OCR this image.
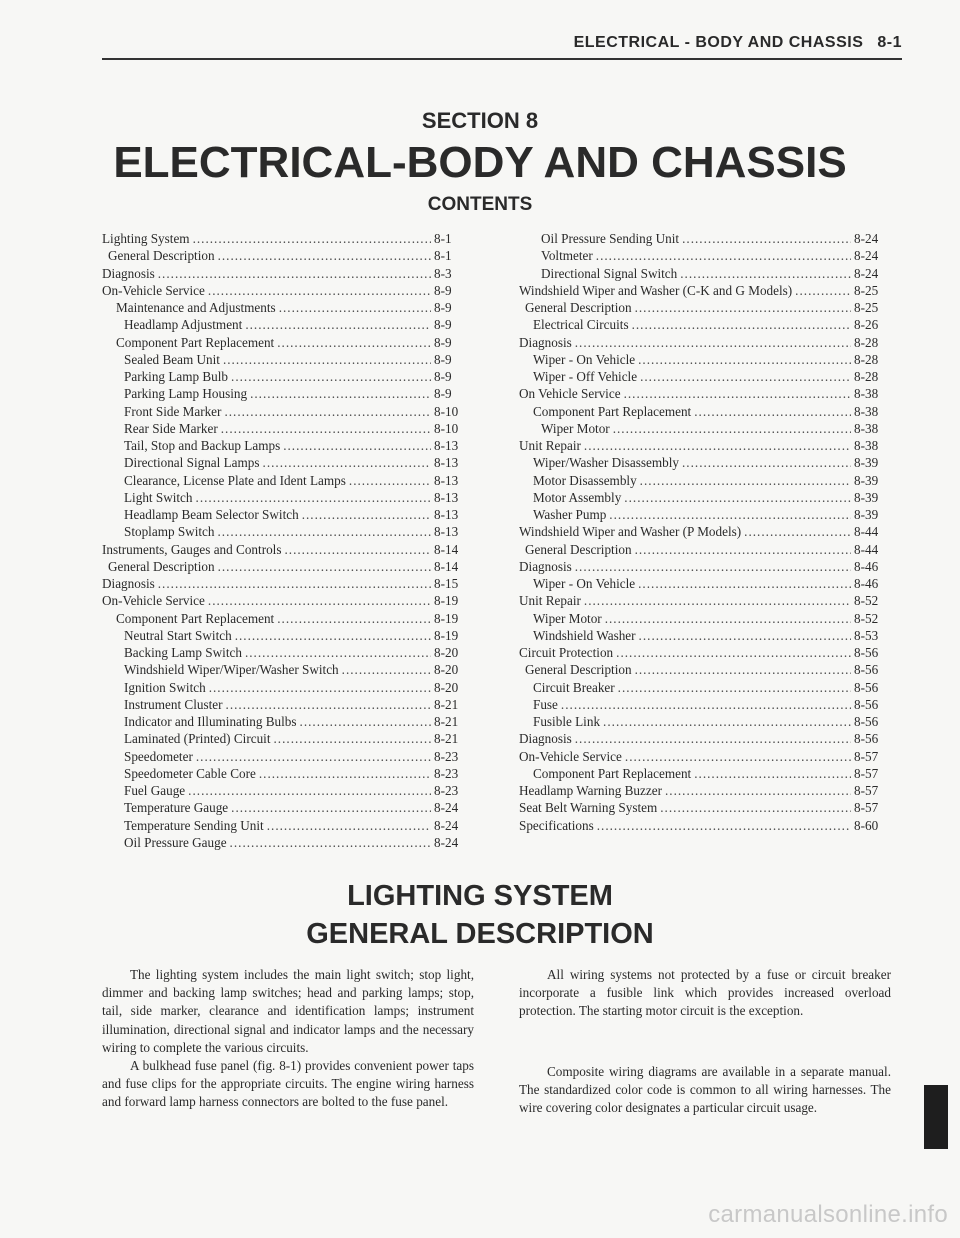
ELECTRICAL - BODY AND CHASSIS 8-1
SECTION 8
ELECTRICAL-BODY AND CHASSIS
CONTENTS
Lighting System .....	8-1
General Description .....	8-1
Diagnosis .....	8-3
On-Vehicle Service .....	8-9
Maintenance and Adjustments .....	8-9
Headlamp Adjustment .....	8-9
Component Part Replacement .....	8-9
Sealed Beam Unit .....	8-9
Parking Lamp Bulb .....	8-9
Parking Lamp Housing .....	8-9
Front Side Marker .....	8-10
Rear Side Marker .....	8-10
Tail, Stop and Backup Lamps .....	8-13
Directional Signal Lamps .....	8-13
Clearance, License Plate and Ident Lamps .....	8-13
Light Switch .....	8-13
Headlamp Beam Selector Switch .....	8-13
Stoplamp Switch .....	8-13
Instruments, Gauges and Controls .....	8-14
General Description .....	8-14
Diagnosis .....	8-15
On-Vehicle Service .....	8-19
Component Part Replacement .....	8-19
Neutral Start Switch .....	8-19
Backing Lamp Switch .....	8-20
Windshield Wiper/Wiper/Washer Switch .....	8-20
Ignition Switch .....	8-20
Instrument Cluster .....	8-21
Indicator and Illuminating Bulbs .....	8-21
Laminated (Printed) Circuit .....	8-21
Speedometer .....	8-23
Speedometer Cable Core .....	8-23
Fuel Gauge .....	8-23
Temperature Gauge .....	8-24
Temperature Sending Unit .....	8-24
Oil Pressure Gauge .....	8-24
Oil Pressure Sending Unit .....	8-24
Voltmeter .....	8-24
Directional Signal Switch .....	8-24
Windshield Wiper and Washer (C-K and G Models) .....	8-25
General Description .....	8-25
Electrical Circuits .....	8-26
Diagnosis .....	8-28
Wiper - On Vehicle .....	8-28
Wiper - Off Vehicle .....	8-28
On Vehicle Service .....	8-38
Component Part Replacement .....	8-38
Wiper Motor .....	8-38
Unit Repair .....	8-38
Wiper/Washer Disassembly .....	8-39
Motor Disassembly .....	8-39
Motor Assembly .....	8-39
Washer Pump .....	8-39
Windshield Wiper and Washer (P Models) .....	8-44
General Description .....	8-44
Diagnosis .....	8-46
Wiper - On Vehicle .....	8-46
Unit Repair .....	8-52
Wiper Motor .....	8-52
Windshield Washer .....	8-53
Circuit Protection .....	8-56
General Description .....	8-56
Circuit Breaker .....	8-56
Fuse .....	8-56
Fusible Link .....	8-56
Diagnosis .....	8-56
On-Vehicle Service .....	8-57
Component Part Replacement .....	8-57
Headlamp Warning Buzzer .....	8-57
Seat Belt Warning System .....	8-57
Specifications .....	8-60
LIGHTING SYSTEM
GENERAL DESCRIPTION

The lighting system includes the main light switch; stop light, dimmer and backing lamp switches; head and parking lamps; stop, tail, side marker, clearance and identification lamps; instrument illumination, directional signal and indicator lamps and the necessary wiring to complete the various circuits.

A bulkhead fuse panel (fig. 8-1) provides convenient power taps and fuse clips for the appropriate circuits. The engine wiring harness and forward lamp harness connectors are bolted to the fuse panel.

All wiring systems not protected by a fuse or circuit breaker incorporate a fusible link which provides increased overload protection. The starting motor circuit is the exception.

Composite wiring diagrams are available in a separate manual. The standardized color code is common to all wiring harnesses. The wire covering color designates a particular circuit usage.

carmanualsonline.info
